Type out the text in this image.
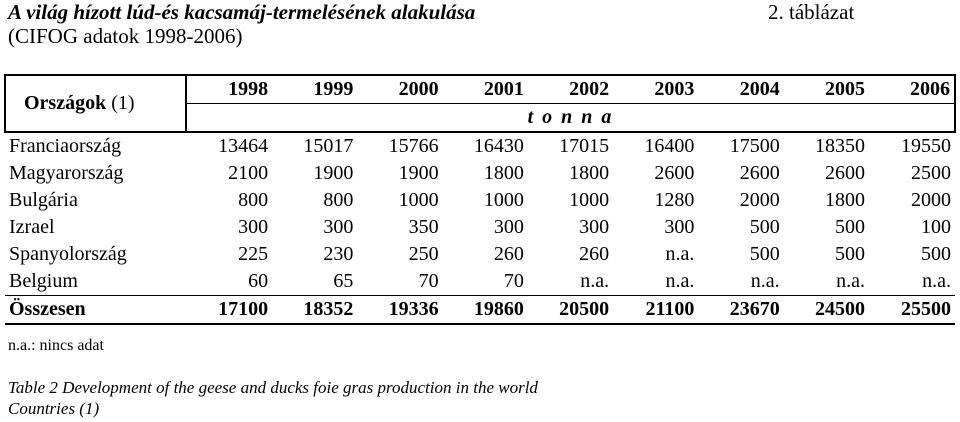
A világ hízott lúd-és kacsamáj-termelésének alakulása	2. táblázat
(CIFOG adatok 1998-2006)
Országok (1)	1998	1999	2000	2001	2002	2003	2004	2005	2006
	t o n n a								
Franciaország	13464	15017	15766	16430	17015	16400	17500	18350	19550
Magyarország	2100	1900	1900	1800	1800	2600	2600	2600	2500
Bulgária	800	800	1000	1000	1000	1280	2000	1800	2000
Izrael	300	300	350	300	300	300	500	500	100
Spanyolország	225	230	250	260	260	n.a.	500	500	500
Belgium	60	65	70	70	n.a.	n.a.	n.a.	n.a.	n.a.
Összesen	17100	18352	19336	19860	20500	21100	23670	24500	25500
n.a.: nincs adat
Table 2 Development of the geese and ducks foie gras production in the world
Countries (1)
